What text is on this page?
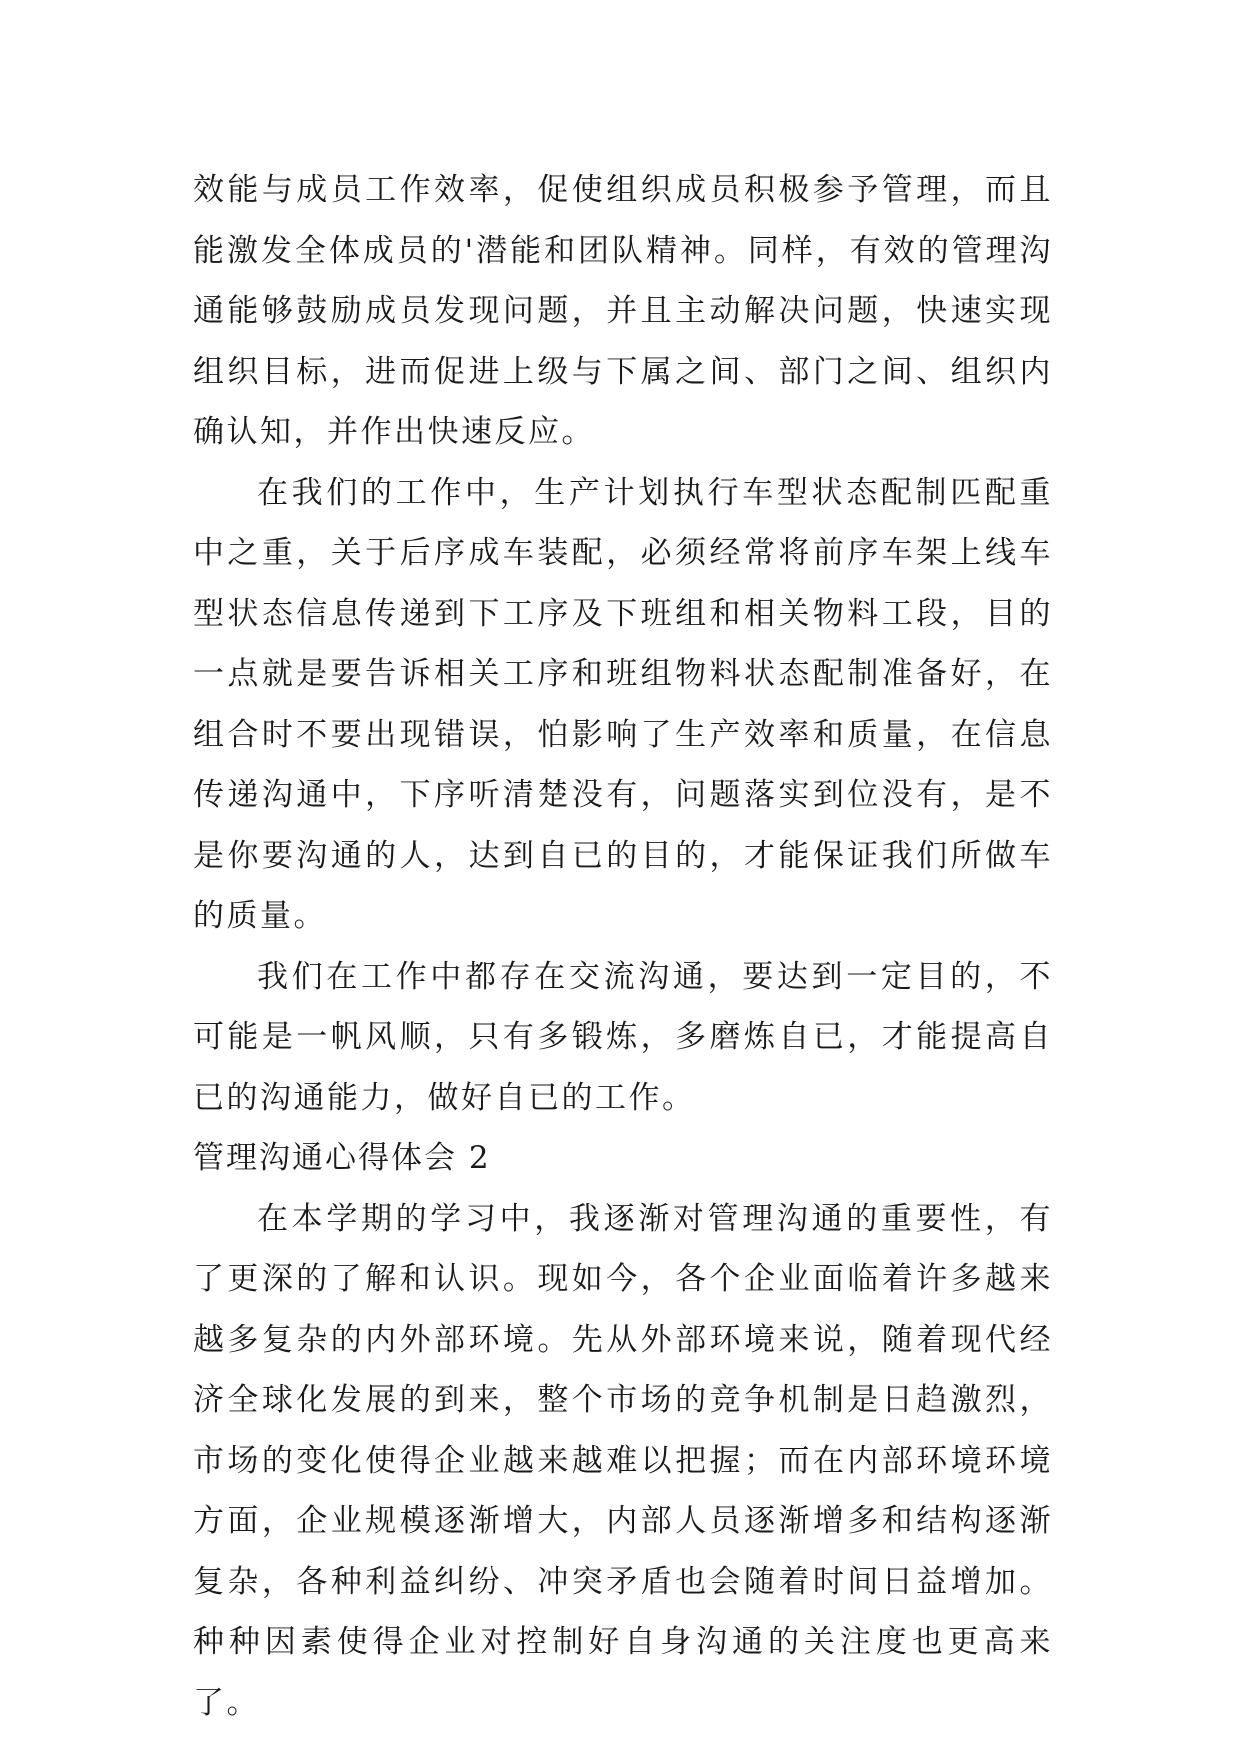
效能与成员工作效率，促使组织成员积极参予管理，而且能激发全体成员的'潜能和团队精神。同样，有效的管理沟通能够鼓励成员发现问题，并且主动解决问题，快速实现组织目标，进而促进上级与下属之间、部门之间、组织内确认知，并作出快速反应。

在我们的工作中，生产计划执行车型状态配制匹配重中之重，关于后序成车装配，必须经常将前序车架上线车型状态信息传递到下工序及下班组和相关物料工段，目的一点就是要告诉相关工序和班组物料状态配制准备好，在组合时不要出现错误，怕影响了生产效率和质量，在信息传递沟通中，下序听清楚没有，问题落实到位没有，是不是你要沟通的人，达到自已的目的，才能保证我们所做车的质量。

我们在工作中都存在交流沟通，要达到一定目的，不可能是一帆风顺，只有多锻炼，多磨炼自已，才能提高自已的沟通能力，做好自已的工作。

管理沟通心得体会 2

在本学期的学习中，我逐渐对管理沟通的重要性，有了更深的了解和认识。现如今，各个企业面临着许多越来越多复杂的内外部环境。先从外部环境来说，随着现代经济全球化发展的到来，整个市场的竞争机制是日趋激烈，市场的变化使得企业越来越难以把握；而在内部环境环境方面，企业规模逐渐增大，内部人员逐渐增多和结构逐渐复杂，各种利益纠纷、冲突矛盾也会随着时间日益增加。种种因素使得企业对控制好自身沟通的关注度也更高来了。
